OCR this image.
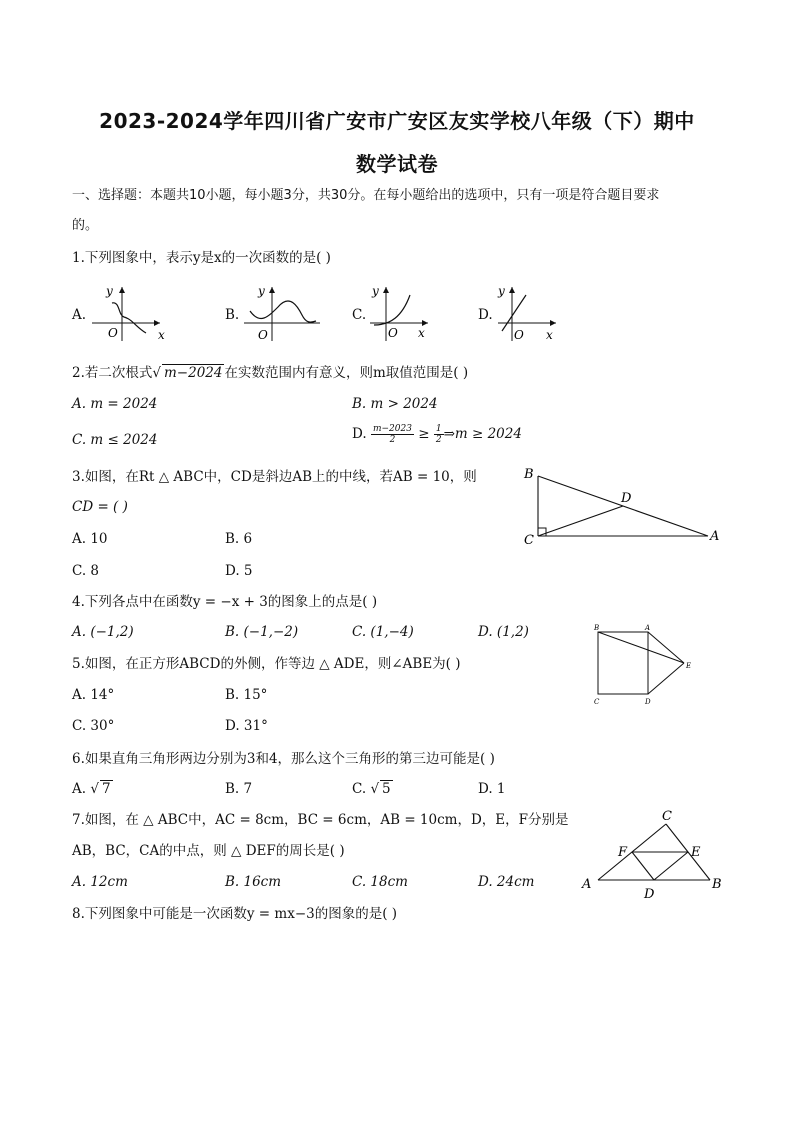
2023-2024学年四川省广安市广安区友实学校八年级（下）期中
数学试卷
一、选择题：本题共10小题，每小题3分，共30分。在每小题给出的选项中，只有一项是符合题目要求
的。
1.下列图象中，表示y是x的一次函数的是( )
A.	B.	C.	D.
y
x
O
y
O
y
x
O
y
x
O
2.若二次根式√ m−2024 在实数范围内有意义，则m取值范围是( )
A. m = 2024	B. m > 2024
C. m ≤ 2024	D. $\frac{m-2023}{2} \ge \frac{1}{2}$ ⇒m ≥ 2024
3.如图，在Rt △ ABC中，CD是斜边AB上的中线，若AB = 10，则
CD = ( )
A. 10	B. 6
C. 8	D. 5
B
D
C	A
4.下列各点中在函数y = −x + 3的图象上的点是( )
A. (−1,2)	B. (−1,−2)	C. (1,−4)	D. (1,2)	B	A
E
C	D
5.如图，在正方形ABCD的外侧，作等边 △ ADE，则∠ABE为( )
A. 14°	B. 15°
C. 30°	D. 31°
6.如果直角三角形两边分别为3和4，那么这个三角形的第三边可能是( )
A. √ 7	B. 7	C. √ 5	D. 1
7.如图，在 △ ABC中，AC = 8cm，BC = 6cm，AB = 10cm，D，E，F分别是
AB，BC，CA的中点，则 △ DEF的周长是( )
A. 12cm	B. 16cm	C. 18cm	D. 24cm
C
F	E
A
D
B
8.下列图象中可能是一次函数y = mx−3的图象的是( )
